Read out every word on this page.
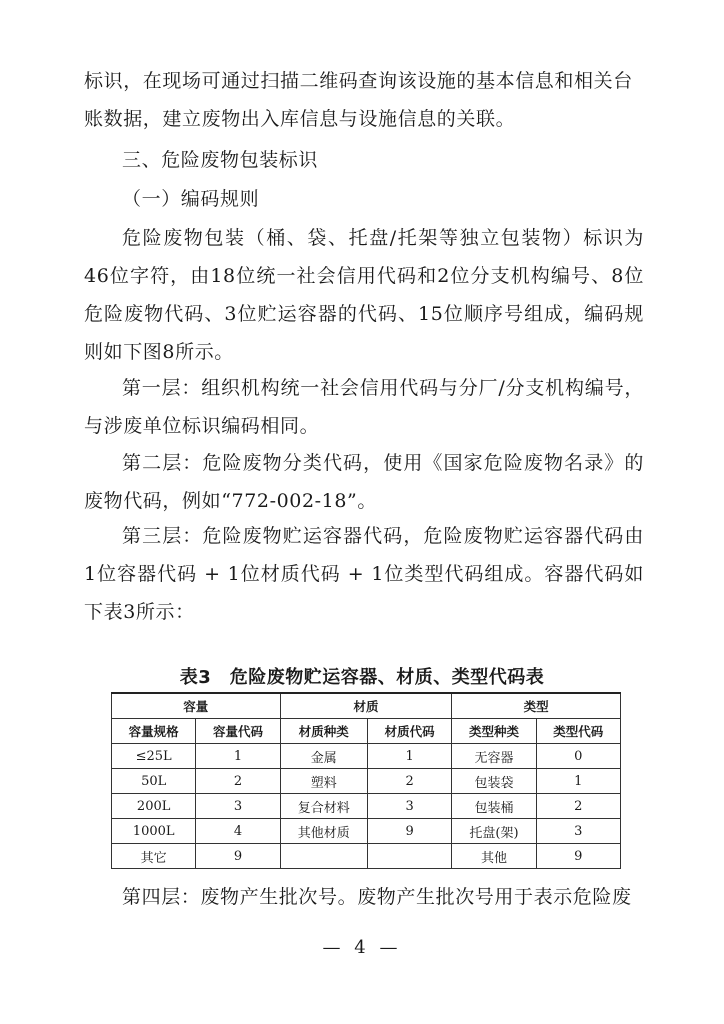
标识，在现场可通过扫描二维码查询该设施的基本信息和相关台
账数据，建立废物出入库信息与设施信息的关联。

三、危险废物包装标识

（一）编码规则

危险废物包装（桶、袋、托盘/托架等独立包装物）标识为46位字符，由18位统一社会信用代码和2位分支机构编号、8位危险废物代码、3位贮运容器的代码、15位顺序号组成，编码规则如下图8所示。

第一层：组织机构统一社会信用代码与分厂/分支机构编号，与涉废单位标识编码相同。

第二层：危险废物分类代码，使用《国家危险废物名录》的废物代码，例如“772-002-18”。

第三层：危险废物贮运容器代码，危险废物贮运容器代码由1位容器代码 + 1位材质代码 + 1位类型代码组成。容器代码如下表3所示：

表3　危险废物贮运容器、材质、类型代码表
容量		材质		类型	
容量规格	容量代码	材质种类	材质代码	类型种类	类型代码
≤25L	1	金属	1	无容器	0
50L	2	塑料	2	包装袋	1
200L	3	复合材料	3	包装桶	2
1000L	4	其他材质	9	托盘(架)	3
其它	9			其他	9

第四层：废物产生批次号。废物产生批次号用于表示危险废

— 4 —
